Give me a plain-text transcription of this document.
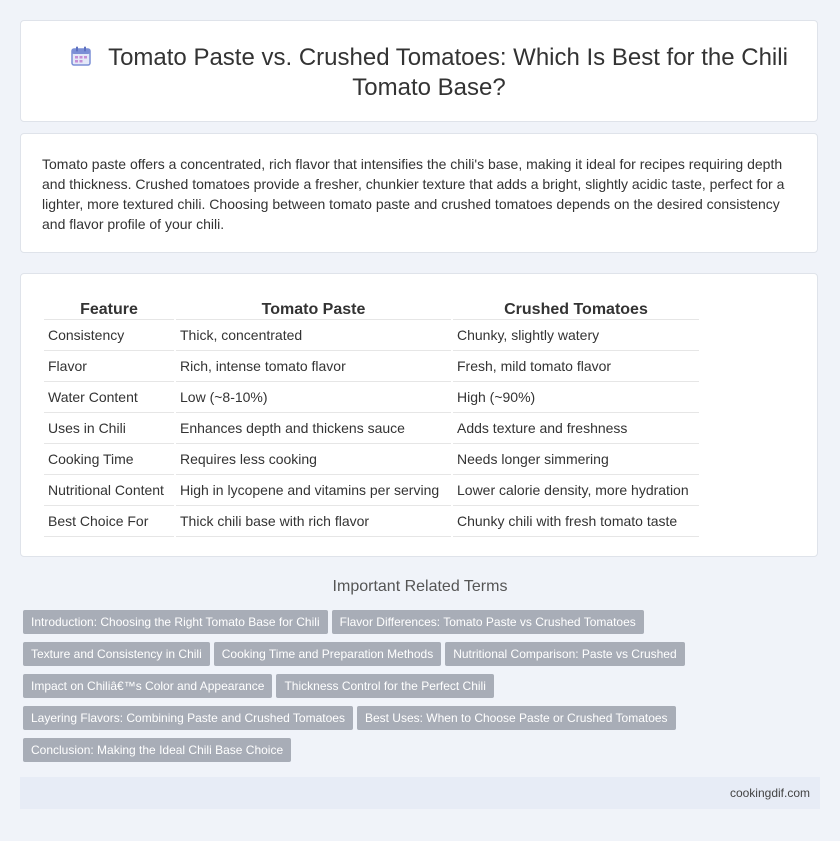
Tomato Paste vs. Crushed Tomatoes: Which Is Best for the Chili Tomato Base?

Tomato paste offers a concentrated, rich flavor that intensifies the chili's base, making it ideal for recipes requiring depth and thickness. Crushed tomatoes provide a fresher, chunkier texture that adds a bright, slightly acidic taste, perfect for a lighter, more textured chili. Choosing between tomato paste and crushed tomatoes depends on the desired consistency and flavor profile of your chili.

Feature	Tomato Paste	Crushed Tomatoes
Consistency	Thick, concentrated	Chunky, slightly watery
Flavor	Rich, intense tomato flavor	Fresh, mild tomato flavor
Water Content	Low (~8-10%)	High (~90%)
Uses in Chili	Enhances depth and thickens sauce	Adds texture and freshness
Cooking Time	Requires less cooking	Needs longer simmering
Nutritional Content	High in lycopene and vitamins per serving	Lower calorie density, more hydration
Best Choice For	Thick chili base with rich flavor	Chunky chili with fresh tomato taste
Important Related Terms
Introduction: Choosing the Right Tomato Base for Chili Flavor Differences: Tomato Paste vs Crushed Tomatoes
Texture and Consistency in Chili Cooking Time and Preparation Methods Nutritional Comparison: Paste vs Crushed
Impact on Chiliâ€™s Color and Appearance Thickness Control for the Perfect Chili
Layering Flavors: Combining Paste and Crushed Tomatoes Best Uses: When to Choose Paste or Crushed Tomatoes
Conclusion: Making the Ideal Chili Base Choice
cookingdif.com
